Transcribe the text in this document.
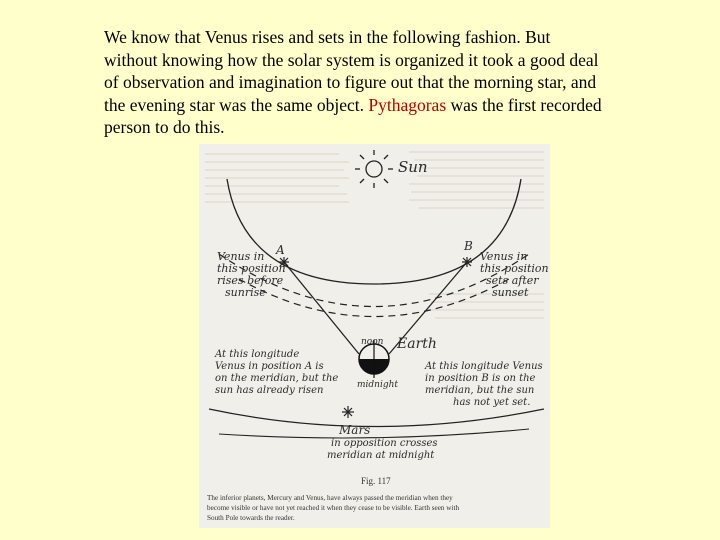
We know that Venus rises and sets in the following fashion. But
without knowing how the solar system is organized it took a good deal
of observation and imagination to figure out that the morning star, and
the evening star was the same object. Pythagoras was the first recorded
person to do this.
Sun
A	B
Venus in this position rises before sunrise
Venus in this position sets after sunset
noon Earth
midnight
At this longitude Venus in position A is on the meridian, but the sun has already risen
At this longitude Venus in position B is on the meridian, but the sun has not yet set.
Mars
in opposition crosses meridian at midnight
Fig. 117
The inferior planets, Mercury and Venus, have always passed the meridian when they become visible or have not yet reached it when they cease to be visible. Earth seen with South Pole towards the reader.
